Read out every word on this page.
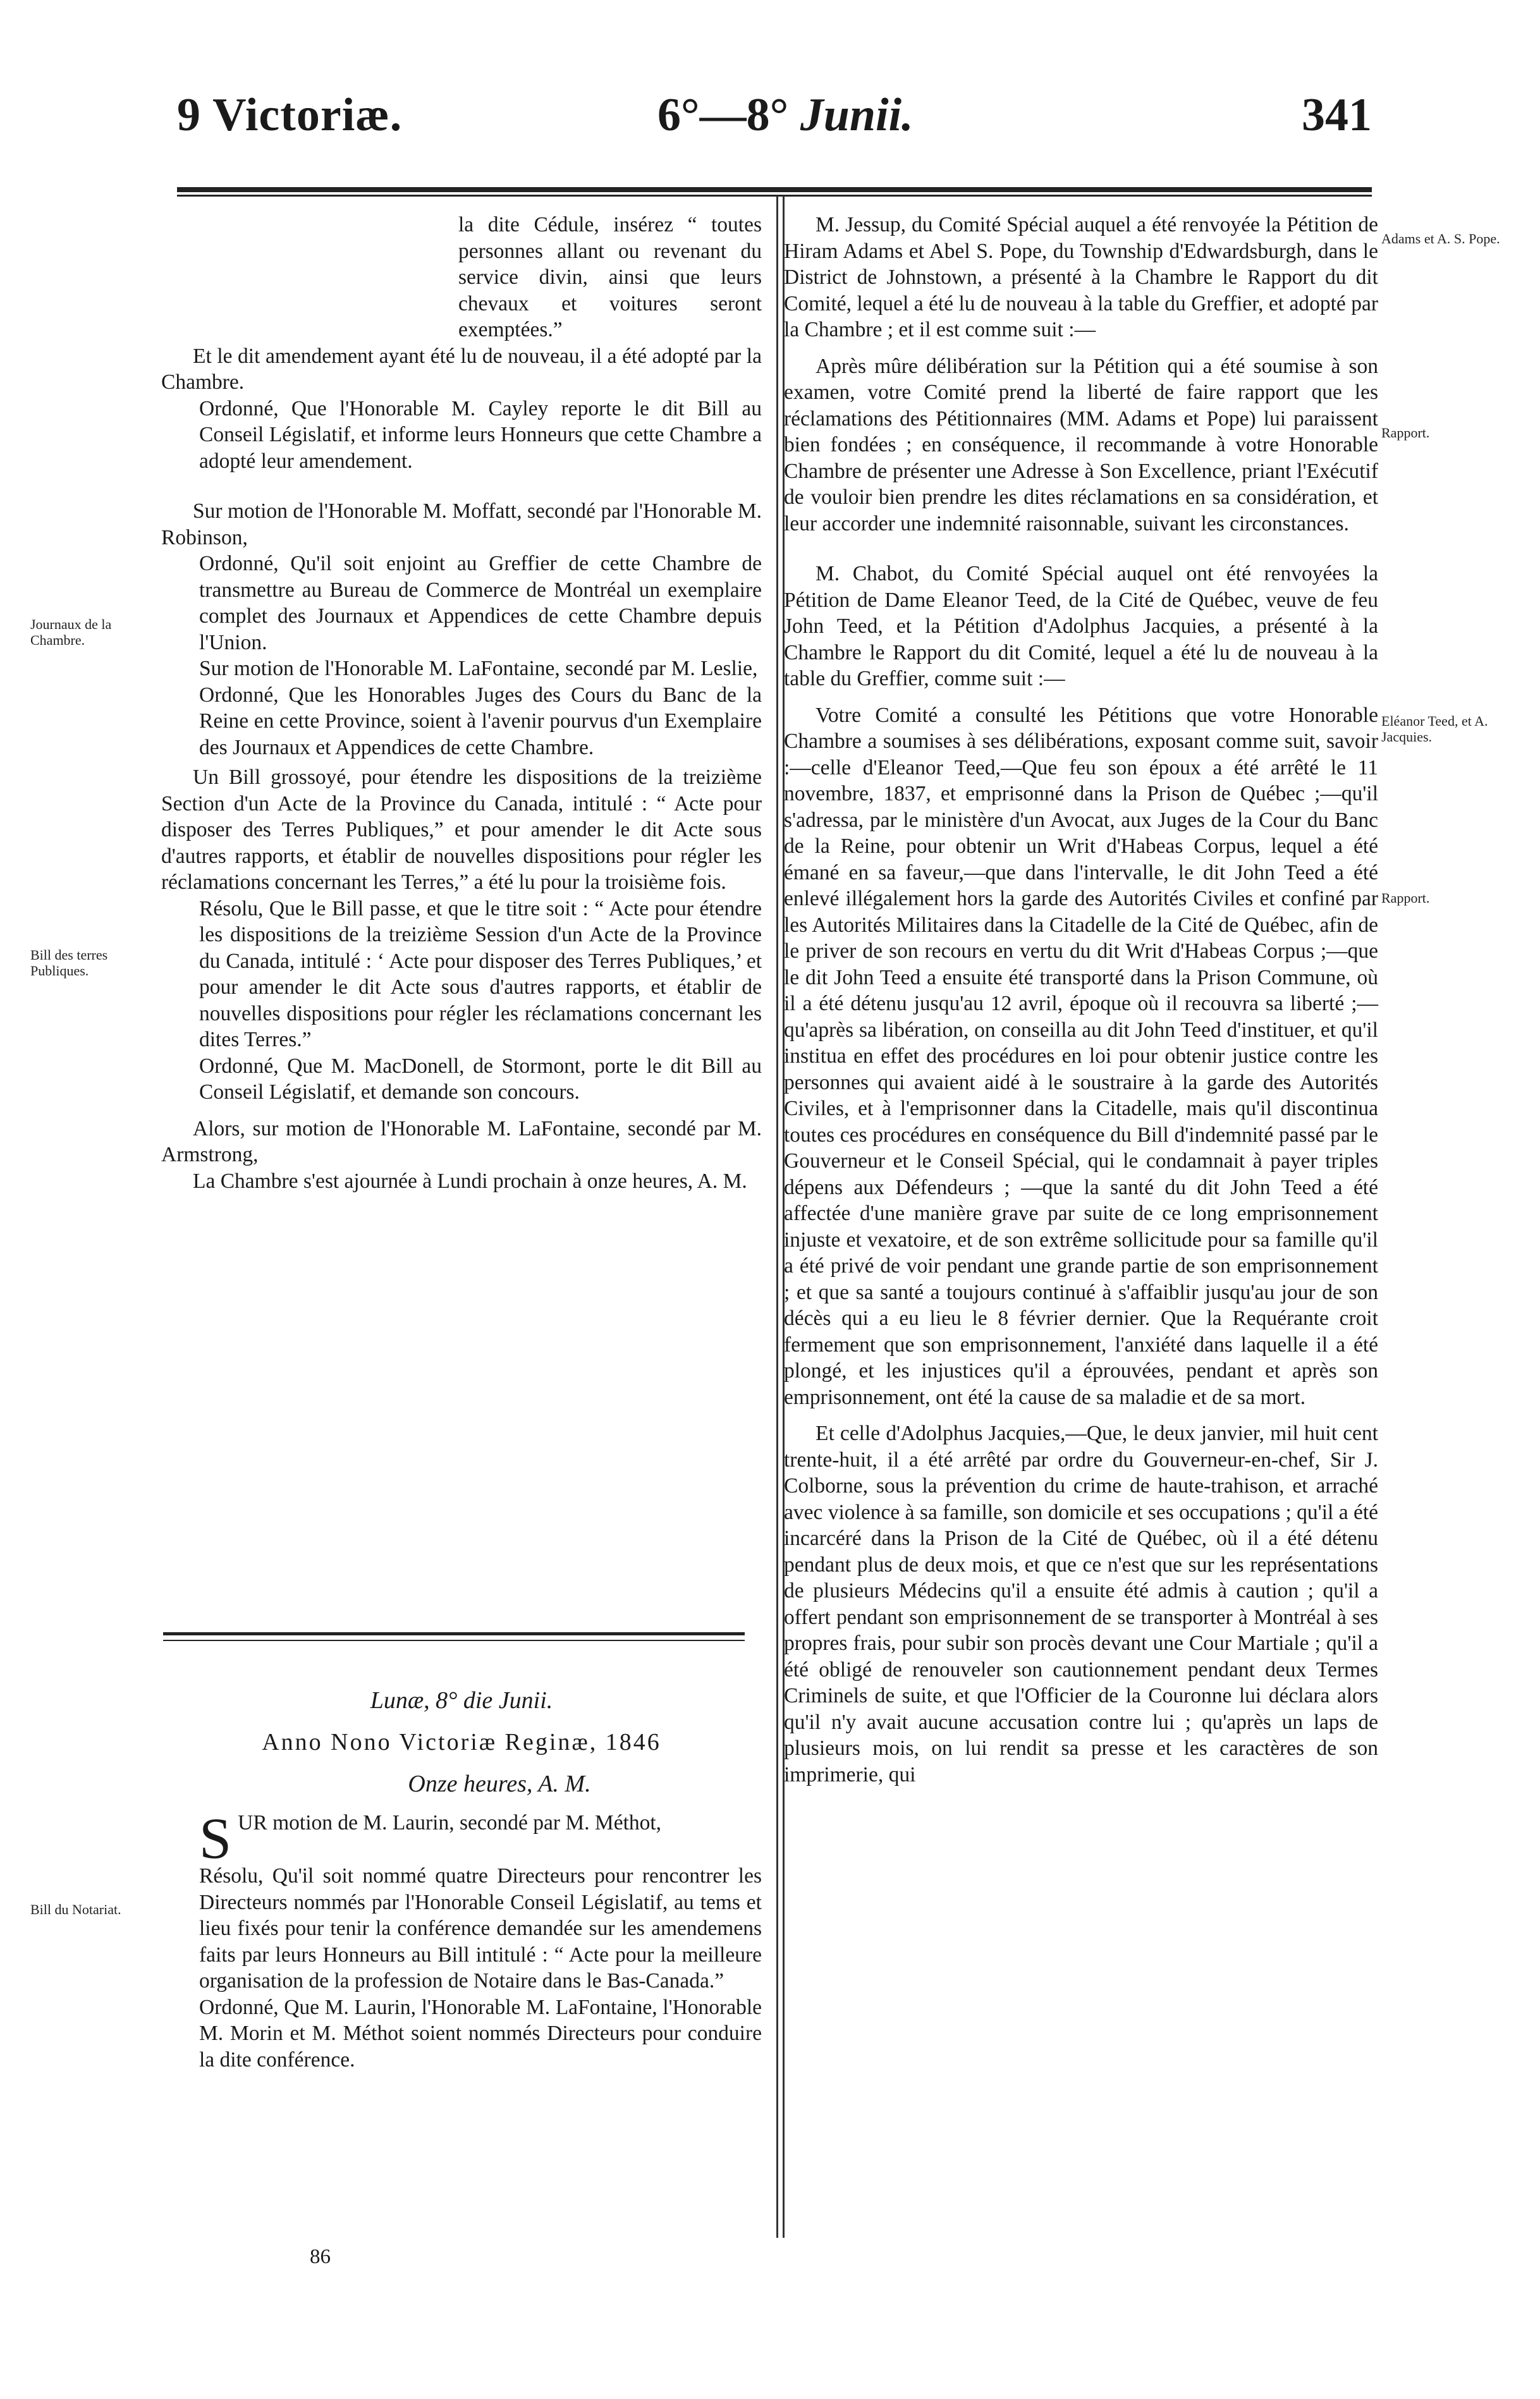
9 Victoriæ.	6°—8° Junii.	341
Journaux de la Chambre.
Bill des terres Publiques.
Bill du Notariat.
Adams et A. S. Pope.
Rapport.
Eléanor Teed, et A. Jacquies.
Rapport.

la dite Cédule, insérez “ toutes personnes allant ou revenant du service divin, ainsi que leurs chevaux et voitures seront exemptées.”

Et le dit amendement ayant été lu de nouveau, il a été adopté par la Chambre.

Ordonné, Que l'Honorable M. Cayley reporte le dit Bill au Conseil Législatif, et informe leurs Honneurs que cette Chambre a adopté leur amendement.

Sur motion de l'Honorable M. Moffatt, secondé par l'Honorable M. Robinson,

Ordonné, Qu'il soit enjoint au Greffier de cette Chambre de transmettre au Bureau de Commerce de Montréal un exemplaire complet des Journaux et Appendices de cette Chambre depuis l'Union.

Sur motion de l'Honorable M. LaFontaine, secondé par M. Leslie,

Ordonné, Que les Honorables Juges des Cours du Banc de la Reine en cette Province, soient à l'avenir pourvus d'un Exemplaire des Journaux et Appendices de cette Chambre.

Un Bill grossoyé, pour étendre les dispositions de la treizième Section d'un Acte de la Province du Canada, intitulé : “ Acte pour disposer des Terres Publiques,” et pour amender le dit Acte sous d'autres rapports, et établir de nouvelles dispositions pour régler les réclamations concernant les Terres,” a été lu pour la troisième fois.

Résolu, Que le Bill passe, et que le titre soit : “ Acte pour étendre les dispositions de la treizième Session d'un Acte de la Province du Canada, intitulé : ‘ Acte pour disposer des Terres Publiques,’ et pour amender le dit Acte sous d'autres rapports, et établir de nouvelles dispositions pour régler les réclamations concernant les dites Terres.”

Ordonné, Que M. MacDonell, de Stormont, porte le dit Bill au Conseil Législatif, et demande son concours.

Alors, sur motion de l'Honorable M. LaFontaine, secondé par M. Armstrong,

La Chambre s'est ajournée à Lundi prochain à onze heures, A. M.

Lunæ, 8° die Junii.

Anno Nono Victoriæ Reginæ, 1846

Onze heures, A. M.

SUR motion de M. Laurin, secondé par M. Méthot,

Résolu, Qu'il soit nommé quatre Directeurs pour rencontrer les Directeurs nommés par l'Honorable Conseil Législatif, au tems et lieu fixés pour tenir la conférence demandée sur les amendemens faits par leurs Honneurs au Bill intitulé : “ Acte pour la meilleure organisation de la profession de Notaire dans le Bas-Canada.”

Ordonné, Que M. Laurin, l'Honorable M. LaFontaine, l'Honorable M. Morin et M. Méthot soient nommés Directeurs pour conduire la dite conférence.

86

M. Jessup, du Comité Spécial auquel a été renvoyée la Pétition de Hiram Adams et Abel S. Pope, du Township d'Edwardsburgh, dans le District de Johnstown, a présenté à la Chambre le Rapport du dit Comité, lequel a été lu de nouveau à la table du Greffier, et adopté par la Chambre ; et il est comme suit :—

Après mûre délibération sur la Pétition qui a été soumise à son examen, votre Comité prend la liberté de faire rapport que les réclamations des Pétitionnaires (MM. Adams et Pope) lui paraissent bien fondées ; en conséquence, il recommande à votre Honorable Chambre de présenter une Adresse à Son Excellence, priant l'Exécutif de vouloir bien prendre les dites réclamations en sa considération, et leur accorder une indemnité raisonnable, suivant les circonstances.

M. Chabot, du Comité Spécial auquel ont été renvoyées la Pétition de Dame Eleanor Teed, de la Cité de Québec, veuve de feu John Teed, et la Pétition d'Adolphus Jacquies, a présenté à la Chambre le Rapport du dit Comité, lequel a été lu de nouveau à la table du Greffier, comme suit :—

Votre Comité a consulté les Pétitions que votre Honorable Chambre a soumises à ses délibérations, exposant comme suit, savoir :—celle d'Eleanor Teed,—Que feu son époux a été arrêté le 11 novembre, 1837, et emprisonné dans la Prison de Québec ;—qu'il s'adressa, par le ministère d'un Avocat, aux Juges de la Cour du Banc de la Reine, pour obtenir un Writ d'Habeas Corpus, lequel a été émané en sa faveur,—que dans l'intervalle, le dit John Teed a été enlevé illégalement hors la garde des Autorités Civiles et confiné par les Autorités Militaires dans la Citadelle de la Cité de Québec, afin de le priver de son recours en vertu du dit Writ d'Habeas Corpus ;—que le dit John Teed a ensuite été transporté dans la Prison Commune, où il a été détenu jusqu'au 12 avril, époque où il recouvra sa liberté ;—qu'après sa libération, on conseilla au dit John Teed d'instituer, et qu'il institua en effet des procédures en loi pour obtenir justice contre les personnes qui avaient aidé à le soustraire à la garde des Autorités Civiles, et à l'emprisonner dans la Citadelle, mais qu'il discontinua toutes ces procédures en conséquence du Bill d'indemnité passé par le Gouverneur et le Conseil Spécial, qui le condamnait à payer triples dépens aux Défendeurs ; —que la santé du dit John Teed a été affectée d'une manière grave par suite de ce long emprisonnement injuste et vexatoire, et de son extrême sollicitude pour sa famille qu'il a été privé de voir pendant une grande partie de son emprisonnement ; et que sa santé a toujours continué à s'affaiblir jusqu'au jour de son décès qui a eu lieu le 8 février dernier. Que la Requérante croit fermement que son emprisonnement, l'anxiété dans laquelle il a été plongé, et les injustices qu'il a éprouvées, pendant et après son emprisonnement, ont été la cause de sa maladie et de sa mort.

Et celle d'Adolphus Jacquies,—Que, le deux janvier, mil huit cent trente-huit, il a été arrêté par ordre du Gouverneur-en-chef, Sir J. Colborne, sous la prévention du crime de haute-trahison, et arraché avec violence à sa famille, son domicile et ses occupations ; qu'il a été incarcéré dans la Prison de la Cité de Québec, où il a été détenu pendant plus de deux mois, et que ce n'est que sur les représentations de plusieurs Médecins qu'il a ensuite été admis à caution ; qu'il a offert pendant son emprisonnement de se transporter à Montréal à ses propres frais, pour subir son procès devant une Cour Martiale ; qu'il a été obligé de renouveler son cautionnement pendant deux Termes Criminels de suite, et que l'Officier de la Couronne lui déclara alors qu'il n'y avait aucune accusation contre lui ; qu'après un laps de plusieurs mois, on lui rendit sa presse et les caractères de son imprimerie, qui
